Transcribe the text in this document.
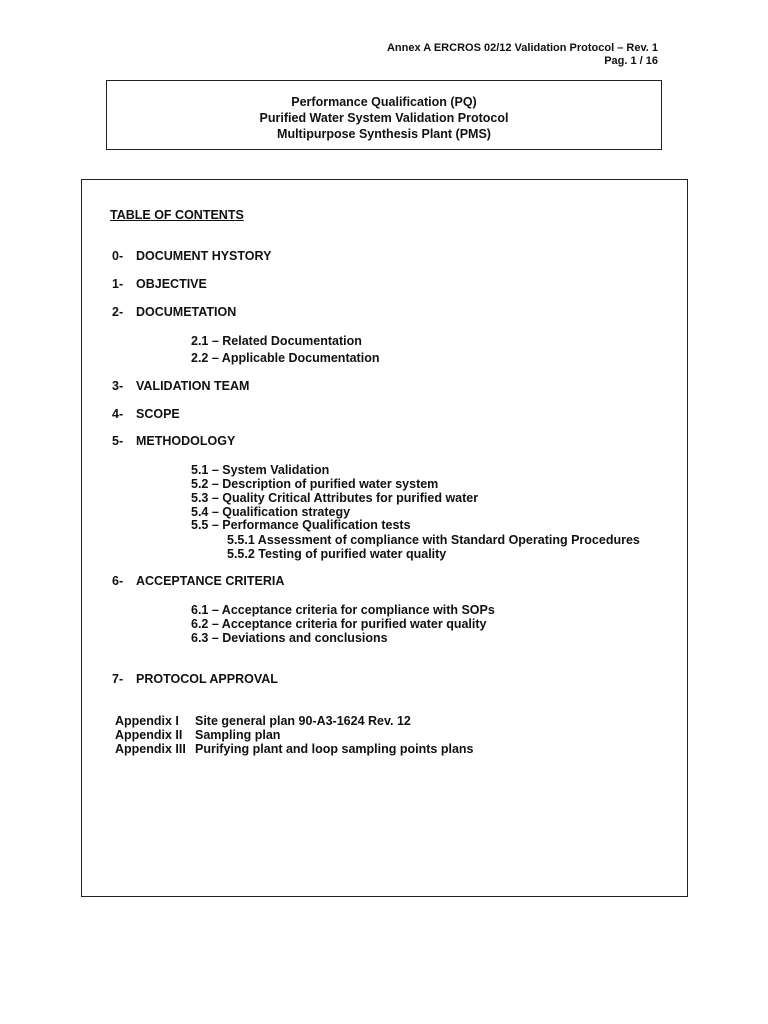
Annex A ERCROS 02/12 Validation Protocol – Rev. 1
Pag. 1 / 16
Performance Qualification (PQ)
Purified Water System Validation Protocol
Multipurpose Synthesis Plant (PMS)
TABLE OF CONTENTS
0- DOCUMENT HYSTORY
1- OBJECTIVE
2- DOCUMETATION
2.1 – Related Documentation
2.2 – Applicable Documentation
3- VALIDATION TEAM
4- SCOPE
5- METHODOLOGY
5.1 – System Validation
5.2 – Description of purified water system
5.3 – Quality Critical Attributes for purified water
5.4 – Qualification strategy
5.5 – Performance Qualification tests
5.5.1 Assessment of compliance with Standard Operating Procedures
5.5.2 Testing of purified water quality
6- ACCEPTANCE CRITERIA
6.1 – Acceptance criteria for compliance with SOPs
6.2 – Acceptance criteria for purified water quality
6.3 – Deviations and conclusions
7- PROTOCOL APPROVAL
Appendix I Site general plan 90-A3-1624 Rev. 12
Appendix II Sampling plan
Appendix III Purifying plant and loop sampling points plans
